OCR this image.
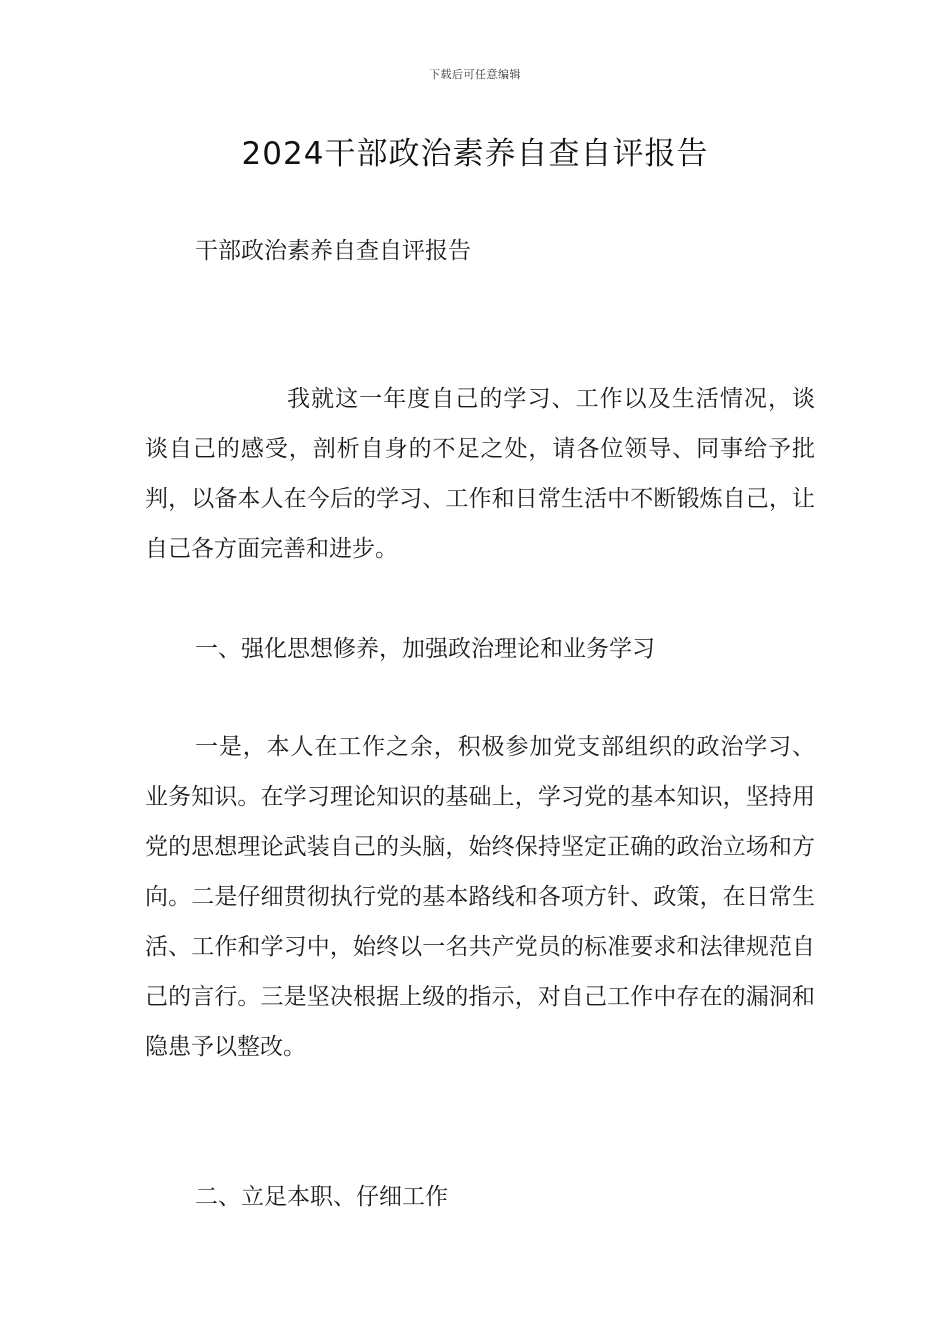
下载后可任意编辑
2024干部政治素养自查自评报告
干部政治素养自查自评报告

我就这一年度自己的学习、工作以及生活情况，谈谈自己的感受，剖析自身的不足之处，请各位领导、同事给予批判，以备本人在今后的学习、工作和日常生活中不断锻炼自己，让自己各方面完善和进步。

一、强化思想修养，加强政治理论和业务学习

一是，本人在工作之余，积极参加党支部组织的政治学习、业务知识。在学习理论知识的基础上，学习党的基本知识，坚持用党的思想理论武装自己的头脑，始终保持坚定正确的政治立场和方向。二是仔细贯彻执行党的基本路线和各项方针、政策，在日常生活、工作和学习中，始终以一名共产党员的标准要求和法律规范自己的言行。三是坚决根据上级的指示，对自己工作中存在的漏洞和隐患予以整改。

二、立足本职、仔细工作
